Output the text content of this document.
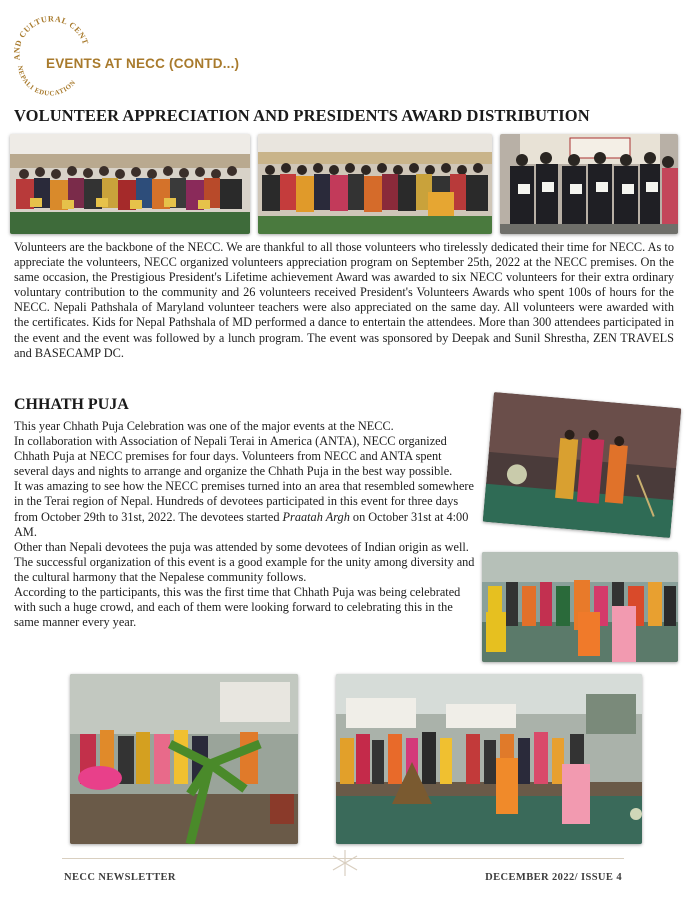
AND CULTURAL CENT
NEPALI EDUCATION
EVENTS AT NECC (CONTD...)
VOLUNTEER APPRECIATION AND PRESIDENTS AWARD DISTRIBUTION
Volunteers are the backbone of the NECC. We are thankful to all those volunteers who tirelessly dedicated their time for NECC. As to appreciate the volunteers, NECC organized volunteers appreciation program on September 25th, 2022 at the NECC premises. On the same occasion, the Prestigious President's Lifetime achievement Award was awarded to six NECC volunteers for their extra ordinary voluntary contribution to the community and 26 volunteers received President's Volunteers Awards who spent 100s of hours for the NECC. Nepali Pathshala of Maryland volunteer teachers were also appreciated on the same day. All volunteers were awarded with the certificates. Kids for Nepal Pathshala of MD performed a dance to entertain the attendees. More than 300 attendees participated in the event and the event was followed by a lunch program. The event was sponsored by Deepak and Sunil Shrestha, ZEN TRAVELS and BASECAMP DC.
CHHATH PUJA
This year Chhath Puja Celebration was one of the major events at the NECC.
In collaboration with Association of Nepali Terai in America (ANTA), NECC organized Chhath Puja at NECC premises for four days. Volunteers from NECC and ANTA spent several days and nights to arrange and organize the Chhath Puja in the best way possible.
It was amazing to see how the NECC premises turned into an area that resembled somewhere in the Terai region of Nepal. Hundreds of devotees participated in this event for three days from October 29th to 31st, 2022. The devotees started Praatah Argh on October 31st at 4:00 AM.
Other than Nepali devotees the puja was attended by some devotees of Indian origin as well.
The successful organization of this event is a good example for the unity among diversity and the cultural harmony that the Nepalese community follows.
According to the participants, this was the first time that Chhath Puja was being celebrated with such a huge crowd, and each of them were looking forward to celebrating this in the same manner every year.
NECC NEWSLETTER	DECEMBER 2022/ ISSUE 4
